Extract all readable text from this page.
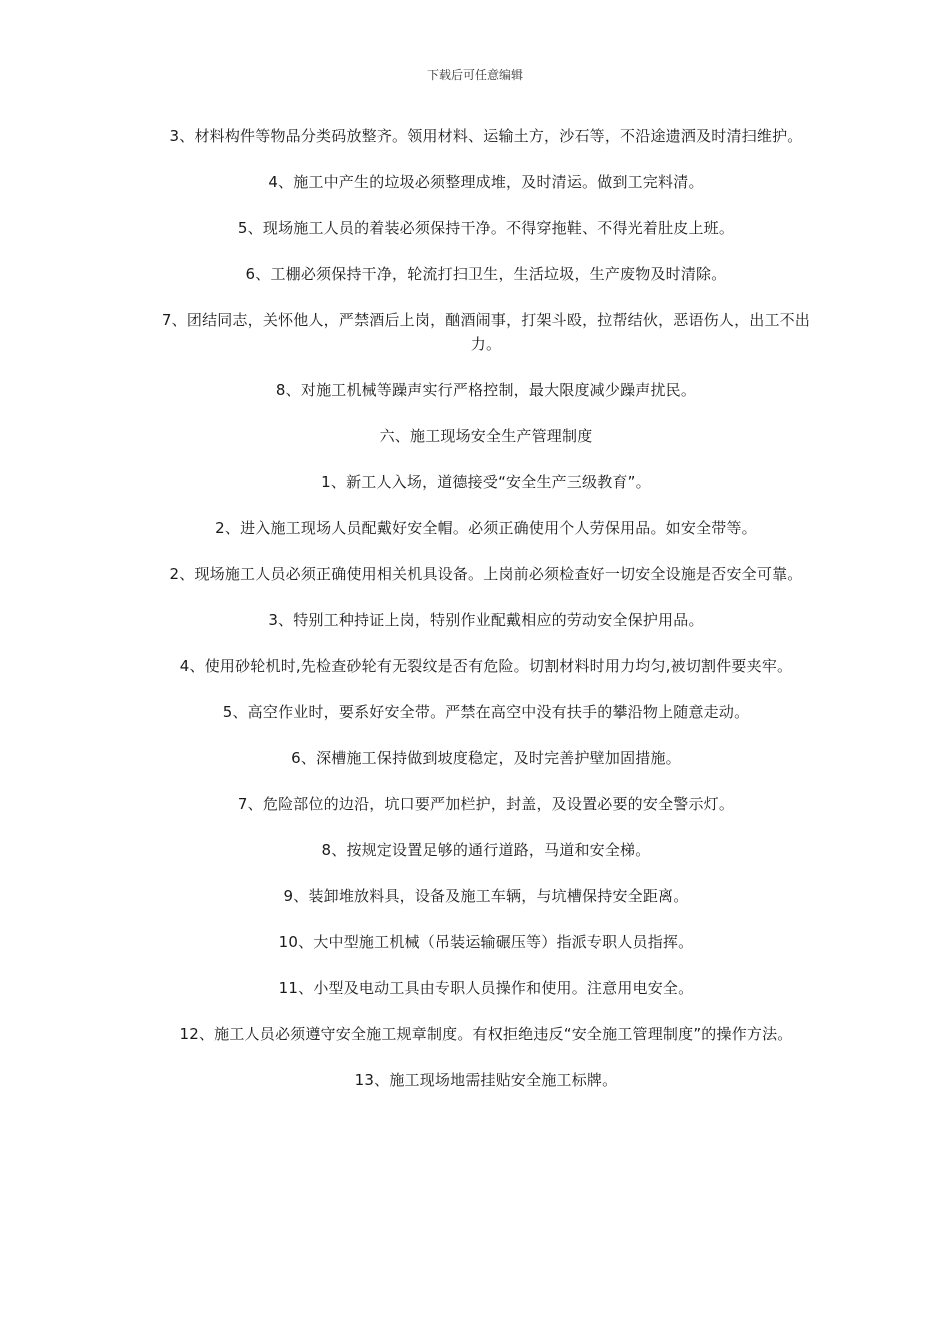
下载后可任意编辑

3、材料构件等物品分类码放整齐。领用材料、运输土方，沙石等，不沿途遗洒及时清扫维护。

4、施工中产生的垃圾必须整理成堆，及时清运。做到工完料清。

5、现场施工人员的着装必须保持干净。不得穿拖鞋、不得光着肚皮上班。

6、工棚必须保持干净，轮流打扫卫生，生活垃圾，生产废物及时清除。

7、团结同志，关怀他人，严禁酒后上岗，酗酒闹事，打架斗殴，拉帮结伙，恶语伤人，出工不出力。

8、对施工机械等躁声实行严格控制，最大限度减少躁声扰民。

六、施工现场安全生产管理制度

1、新工人入场，道德接受“安全生产三级教育”。

2、进入施工现场人员配戴好安全帽。必须正确使用个人劳保用品。如安全带等。

2、现场施工人员必须正确使用相关机具设备。上岗前必须检查好一切安全设施是否安全可靠。

3、特别工种持证上岗，特别作业配戴相应的劳动安全保护用品。

4、使用砂轮机时,先检查砂轮有无裂纹是否有危险。切割材料时用力均匀,被切割件要夹牢。

5、高空作业时，要系好安全带。严禁在高空中没有扶手的攀沿物上随意走动。

6、深槽施工保持做到坡度稳定，及时完善护壁加固措施。

7、危险部位的边沿，坑口要严加栏护，封盖，及设置必要的安全警示灯。

8、按规定设置足够的通行道路，马道和安全梯。

9、装卸堆放料具，设备及施工车辆，与坑槽保持安全距离。

10、大中型施工机械（吊装运输碾压等）指派专职人员指挥。

11、小型及电动工具由专职人员操作和使用。注意用电安全。

12、施工人员必须遵守安全施工规章制度。有权拒绝违反“安全施工管理制度”的操作方法。

13、施工现场地需挂贴安全施工标牌。
